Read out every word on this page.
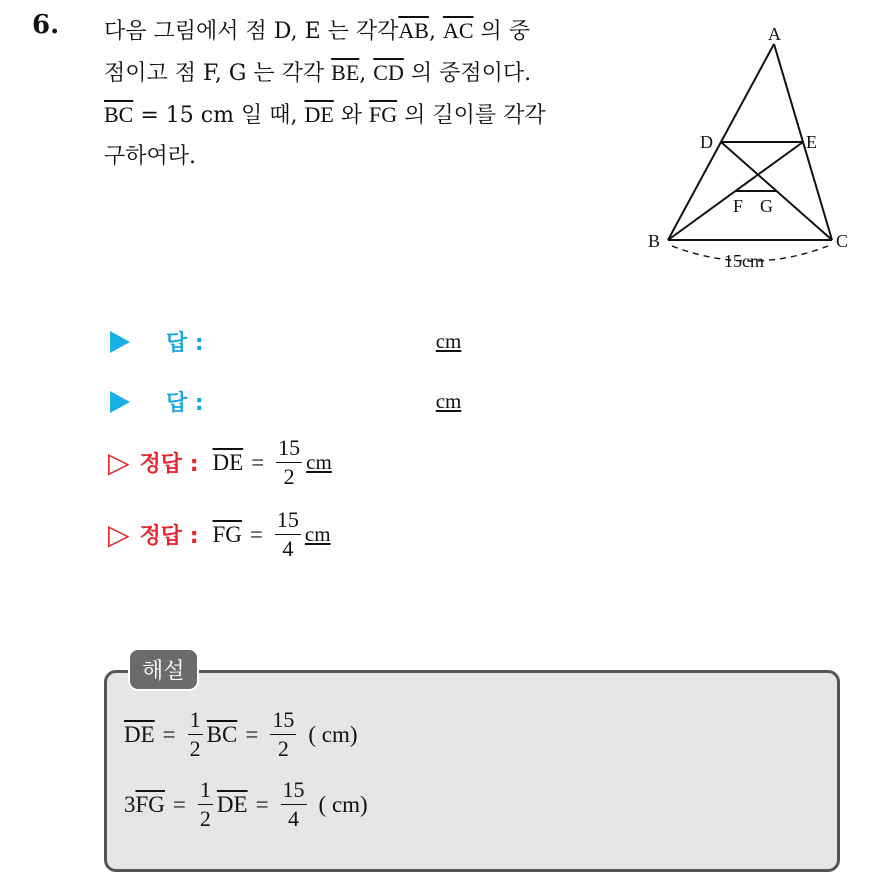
6. 다음 그림에서 점 D, E 는 각각$\overline{AB}$, $\overline{AC}$ 의 중
점이고 점 F, G 는 각각 $\overline{BE}$, $\overline{CD}$ 의 중점이다.
$\overline{BC} = 15$ cm 일 때, $\overline{DE}$ 와 $\overline{FG}$ 의 길이를 각각
구하여라.
A
D	E
F G
B	C
15cm
답 :	cm
답 :	cm
▷ 정답 : $\overline{DE} = \frac{15}{2}$ cm
▷ 정답 : $\overline{FG} = \frac{15}{4}$ cm
해설
$\overline{DE} = \frac{1}{2} \overline{BC} = \frac{15}{2}$ ( cm)
3 $\overline{FG} = \frac{1}{2} \overline{DE} = \frac{15}{4}$ ( cm)
